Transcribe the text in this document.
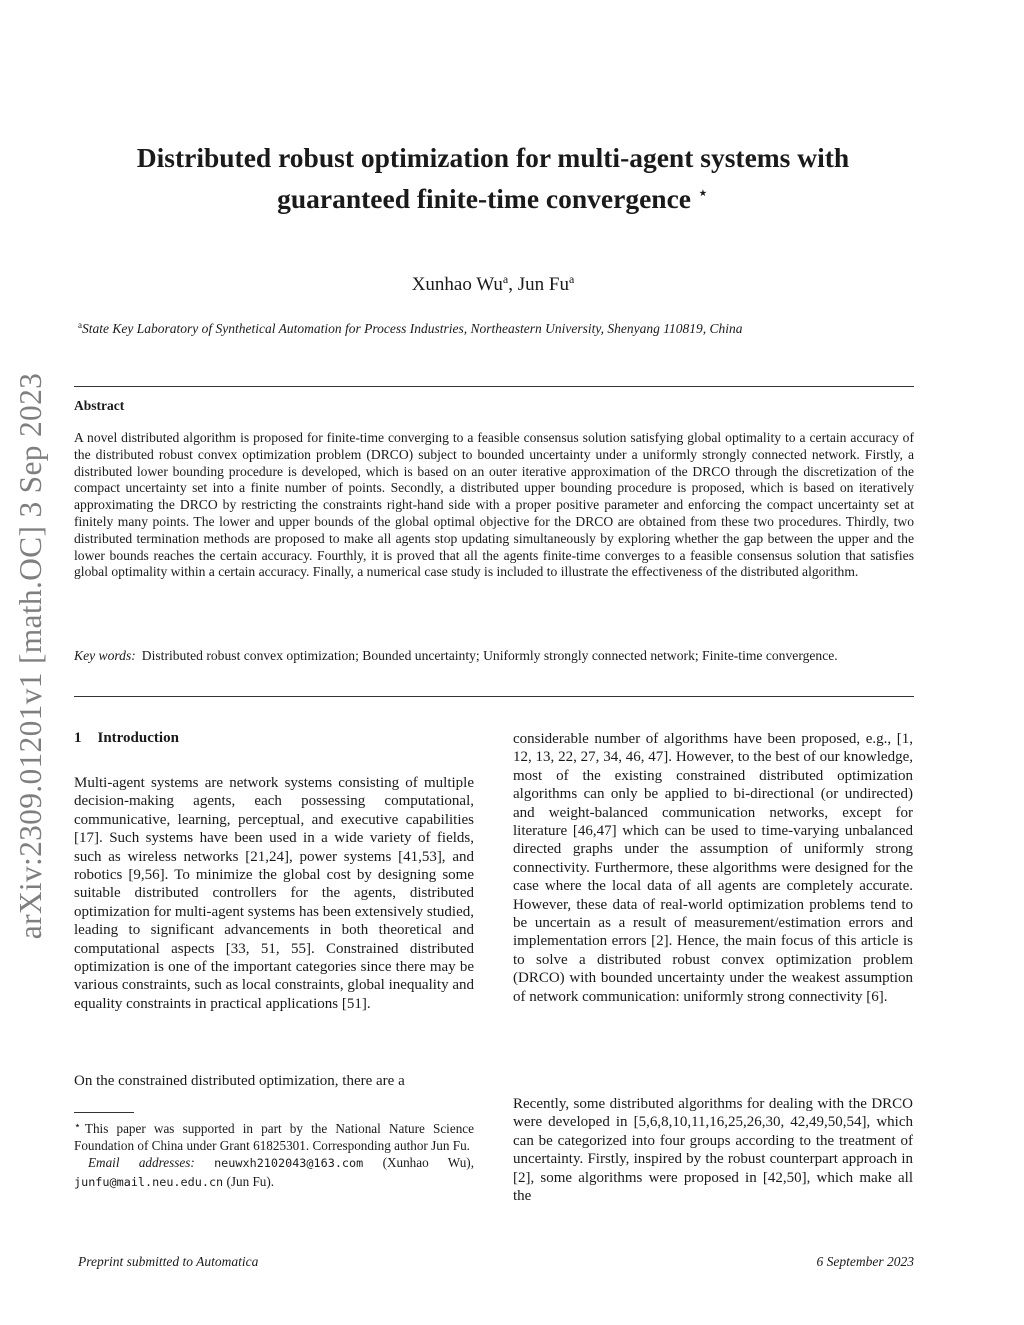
arXiv:2309.01201v1 [math.OC] 3 Sep 2023
Distributed robust optimization for multi-agent systems with
guaranteed finite-time convergence ⋆
Xunhao Wu$^a$, Jun Fu$^a$
$^a$State Key Laboratory of Synthetical Automation for Process Industries, Northeastern University, Shenyang 110819, China
Abstract
A novel distributed algorithm is proposed for finite-time converging to a feasible consensus solution satisfying global optimality to a certain accuracy of the distributed robust convex optimization problem (DRCO) subject to bounded uncertainty under a uniformly strongly connected network. Firstly, a distributed lower bounding procedure is developed, which is based on an outer iterative approximation of the DRCO through the discretization of the compact uncertainty set into a finite number of points. Secondly, a distributed upper bounding procedure is proposed, which is based on iteratively approximating the DRCO by restricting the constraints right-hand side with a proper positive parameter and enforcing the compact uncertainty set at finitely many points. The lower and upper bounds of the global optimal objective for the DRCO are obtained from these two procedures. Thirdly, two distributed termination methods are proposed to make all agents stop updating simultaneously by exploring whether the gap between the upper and the lower bounds reaches the certain accuracy. Fourthly, it is proved that all the agents finite-time converges to a feasible consensus solution that satisfies global optimality within a certain accuracy. Finally, a numerical case study is included to illustrate the effectiveness of the distributed algorithm.
Key words: Distributed robust convex optimization; Bounded uncertainty; Uniformly strongly connected network; Finite-time convergence.
1 Introduction

Multi-agent systems are network systems consisting of multiple decision-making agents, each possessing computational, communicative, learning, perceptual, and executive capabilities [17]. Such systems have been used in a wide variety of fields, such as wireless networks [21,24], power systems [41,53], and robotics [9,56]. To minimize the global cost by designing some suitable distributed controllers for the agents, distributed optimization for multi-agent systems has been extensively studied, leading to significant advancements in both theoretical and computational aspects [33, 51, 55]. Constrained distributed optimization is one of the important categories since there may be various constraints, such as local constraints, global inequality and equality constraints in practical applications [51].

On the constrained distributed optimization, there are a

considerable number of algorithms have been proposed, e.g., [1, 12, 13, 22, 27, 34, 46, 47]. However, to the best of our knowledge, most of the existing constrained distributed optimization algorithms can only be applied to bi-directional (or undirected) and weight-balanced communication networks, except for literature [46,47] which can be used to time-varying unbalanced directed graphs under the assumption of uniformly strong connectivity. Furthermore, these algorithms were designed for the case where the local data of all agents are completely accurate. However, these data of real-world optimization problems tend to be uncertain as a result of measurement/estimation errors and implementation errors [2]. Hence, the main focus of this article is to solve a distributed robust convex optimization problem (DRCO) with bounded uncertainty under the weakest assumption of network communication: uniformly strong connectivity [6].

Recently, some distributed algorithms for dealing with the DRCO were developed in [5,6,8,10,11,16,25,26,30, 42,49,50,54], which can be categorized into four groups according to the treatment of uncertainty. Firstly, inspired by the robust counterpart approach in [2], some algorithms were proposed in [42,50], which make all the

⋆ This paper was supported in part by the National Nature Science Foundation of China under Grant 61825301. Corresponding author Jun Fu.

Email addresses: neuwxh2102043@163.com (Xunhao Wu), junfu@mail.neu.edu.cn (Jun Fu).

Preprint submitted to Automatica	6 September 2023
